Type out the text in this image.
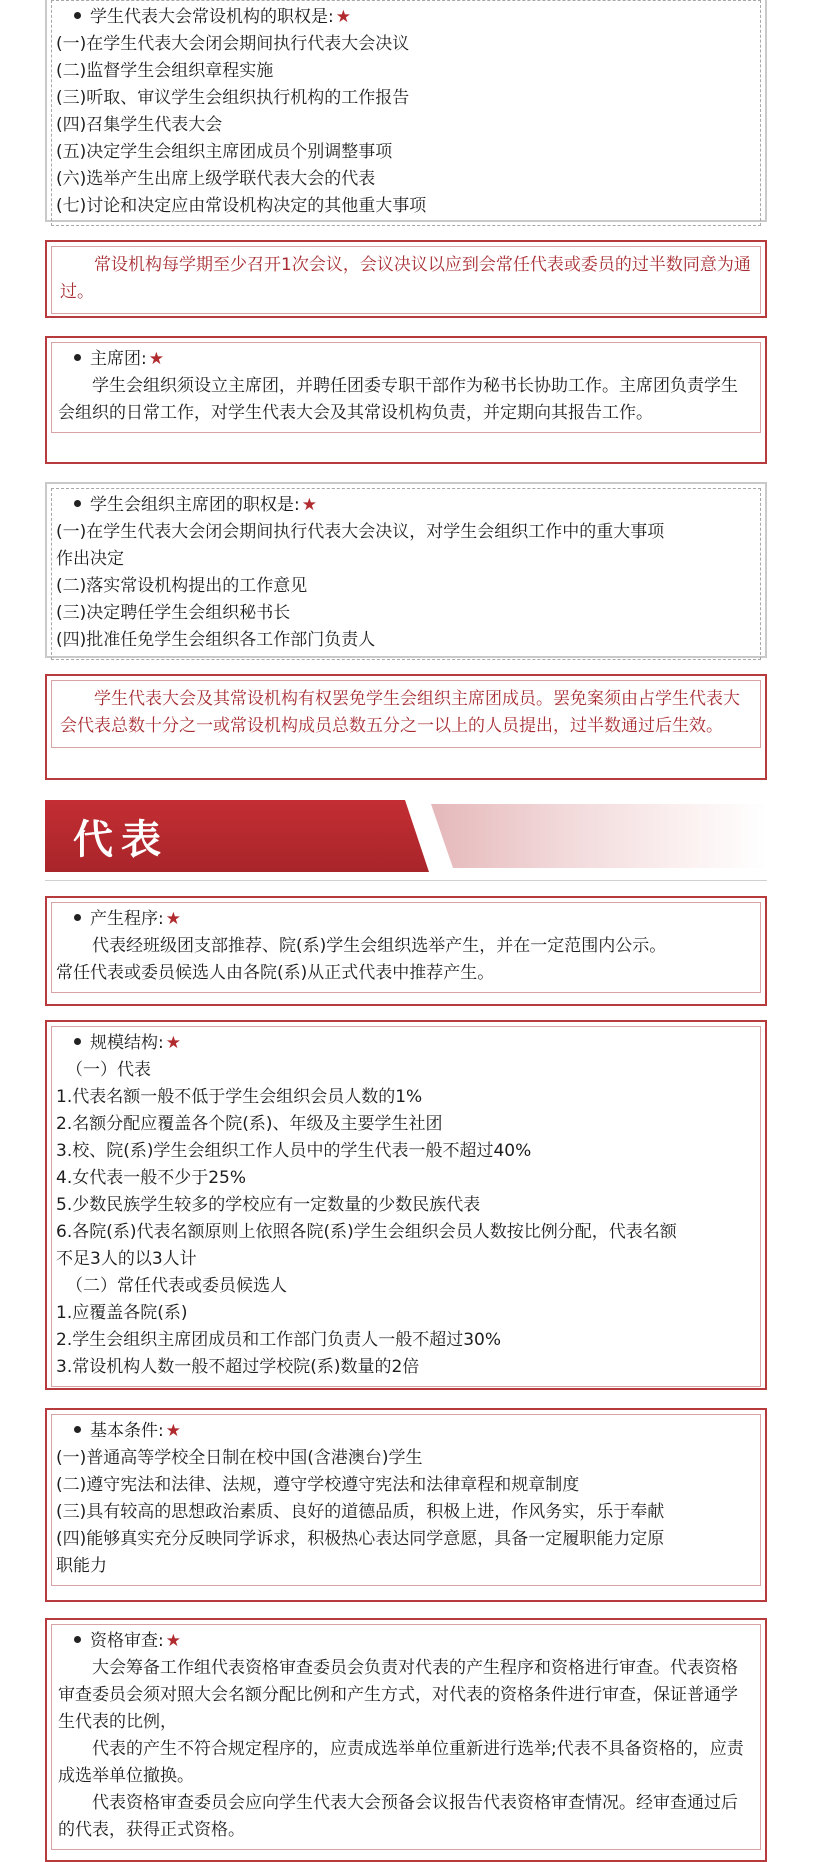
学生代表大会常设机构的职权是: ★
(一)在学生代表大会闭会期间执行代表大会决议
(二)监督学生会组织章程实施
(三)听取、审议学生会组织执行机构的工作报告
(四)召集学生代表大会
(五)决定学生会组织主席团成员个别调整事项
(六)选举产生出席上级学联代表大会的代表
(七)讨论和决定应由常设机构决定的其他重大事项
常设机构每学期至少召开1次会议，会议决议以应到会常任代表或委员的过半数同意为通过。
主席团: ★
学生会组织须设立主席团，并聘任团委专职干部作为秘书长协助工作。主席团负责学生会组织的日常工作，对学生代表大会及其常设机构负责，并定期向其报告工作。
学生会组织主席团的职权是: ★
(一)在学生代表大会闭会期间执行代表大会决议，对学生会组织工作中的重大事项
作出决定
(二)落实常设机构提出的工作意见
(三)决定聘任学生会组织秘书长
(四)批准任免学生会组织各工作部门负责人
学生代表大会及其常设机构有权罢免学生会组织主席团成员。罢免案须由占学生代表大会代表总数十分之一或常设机构成员总数五分之一以上的人员提出，过半数通过后生效。
代表
产生程序: ★
代表经班级团支部推荐、院(系)学生会组织选举产生，并在一定范围内公示。
常任代表或委员候选人由各院(系)从正式代表中推荐产生。
规模结构: ★
（一）代表
1.代表名额一般不低于学生会组织会员人数的1%
2.名额分配应覆盖各个院(系)、年级及主要学生社团
3.校、院(系)学生会组织工作人员中的学生代表一般不超过40%
4.女代表一般不少于25%
5.少数民族学生较多的学校应有一定数量的少数民族代表
6.各院(系)代表名额原则上依照各院(系)学生会组织会员人数按比例分配，代表名额
不足3人的以3人计
（二）常任代表或委员候选人
1.应覆盖各院(系)
2.学生会组织主席团成员和工作部门负责人一般不超过30%
3.常设机构人数一般不超过学校院(系)数量的2倍
基本条件: ★
(一)普通高等学校全日制在校中国(含港澳台)学生
(二)遵守宪法和法律、法规，遵守学校遵守宪法和法律章程和规章制度
(三)具有较高的思想政治素质、良好的道德品质，积极上进，作风务实，乐于奉献
(四)能够真实充分反映同学诉求，积极热心表达同学意愿，具备一定履职能力定原
职能力
资格审查: ★
大会筹备工作组代表资格审查委员会负责对代表的产生程序和资格进行审查。代表资格审查委员会须对照大会名额分配比例和产生方式，对代表的资格条件进行审查，保证普通学生代表的比例，
代表的产生不符合规定程序的，应责成选举单位重新进行选举;代表不具备资格的，应责成选举单位撤换。
代表资格审查委员会应向学生代表大会预备会议报告代表资格审查情况。经审查通过后的代表，获得正式资格。
